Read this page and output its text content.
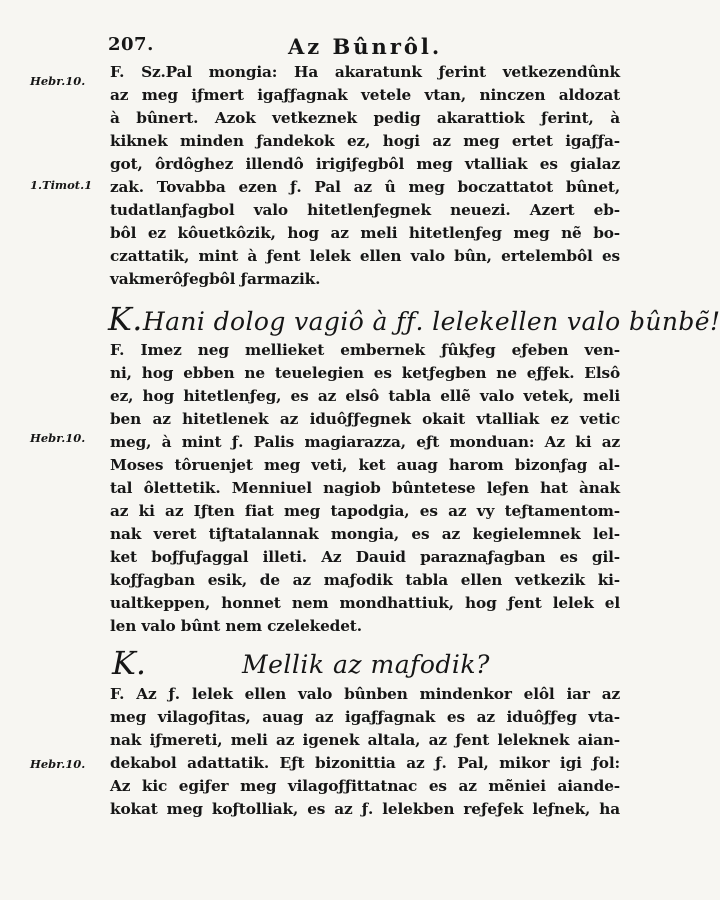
207.	Az Bûnrôl.
Hebr.10.
1.Timot.1
Hebr.10.
Hebr.10.
F. Sz.Pal mongia: Ha akaratunk ƒerint vetkezendûnk
az meg iƒmert igaƒƒagnak vetele vtan, ninczen aldozat
à bûnert. Azok vetkeznek pedig akarattiok ƒerint, à
kiknek minden ƒandekok ez, hogi az meg ertet igaƒƒa-
got, ôrdôghez illendô irigiƒegbôl meg vtalliak es gialaz
zak. Tovabba ezen ƒ. Pal az û meg boczattatot bûnet,
tudatlanƒagbol valo hitetlenƒegnek neuezi. Azert eb-
bôl ez kôuetkôzik, hog az meli hitetlenƒeg meg nẽ bo-
czattatik, mint à ƒent lelek ellen valo bûn, ertelembôl es
vakmerôƒegbôl ƒarmazik.
K.Hani dolog vagiô à ƒƒ. lelekellen valo bûnbẽ!
F. Imez neg mellieket embernek ƒûkƒeg eƒeben ven-
ni, hog ebben ne teuelegien es ketƒegben ne eƒƒek. Elsô
ez, hog hitetlenƒeg, es az elsô tabla ellẽ valo vetek, meli
ben az hitetlenek az iduôƒƒegnek okait vtalliak ez vetic
meg, à mint ƒ. Palis magiarazza, eƒt monduan: Az ki az
Moses tôruenjet meg veti, ket auag harom bizonƒag al-
tal ôlettetik. Menniuel nagiob bûntetese leƒen hat ànak
az ki az Iƒten fiat meg tapodgia, es az vy teƒtamentom-
nak veret tiƒtatalannak mongia, es az kegielemnek lel-
ket boƒƒuƒaggal illeti. Az Dauid paraznaƒagban es gil-
koƒƒagban esik, de az maƒodik tabla ellen vetkezik ki-
ualtkeppen, honnet nem mondhattiuk, hog ƒent lelek el
len valo bûnt nem czelekedet.
K.	Mellik az maƒodik?
F. Az ƒ. lelek ellen valo bûnben mindenkor elôl iar az
meg vilagoƒitas, auag az igaƒƒagnak es az iduôƒƒeg vta-
nak iƒmereti, meli az igenek altala, az ƒent leleknek aian-
dekabol adattatik. Eƒt bizonittia az ƒ. Pal, mikor igi ƒol:
Az kic egiƒer meg vilagoƒƒittatnac es az mẽniei aiande-
kokat meg koƒtolliak, es az ƒ. lelekben reƒeƒek leƒnek, ha
